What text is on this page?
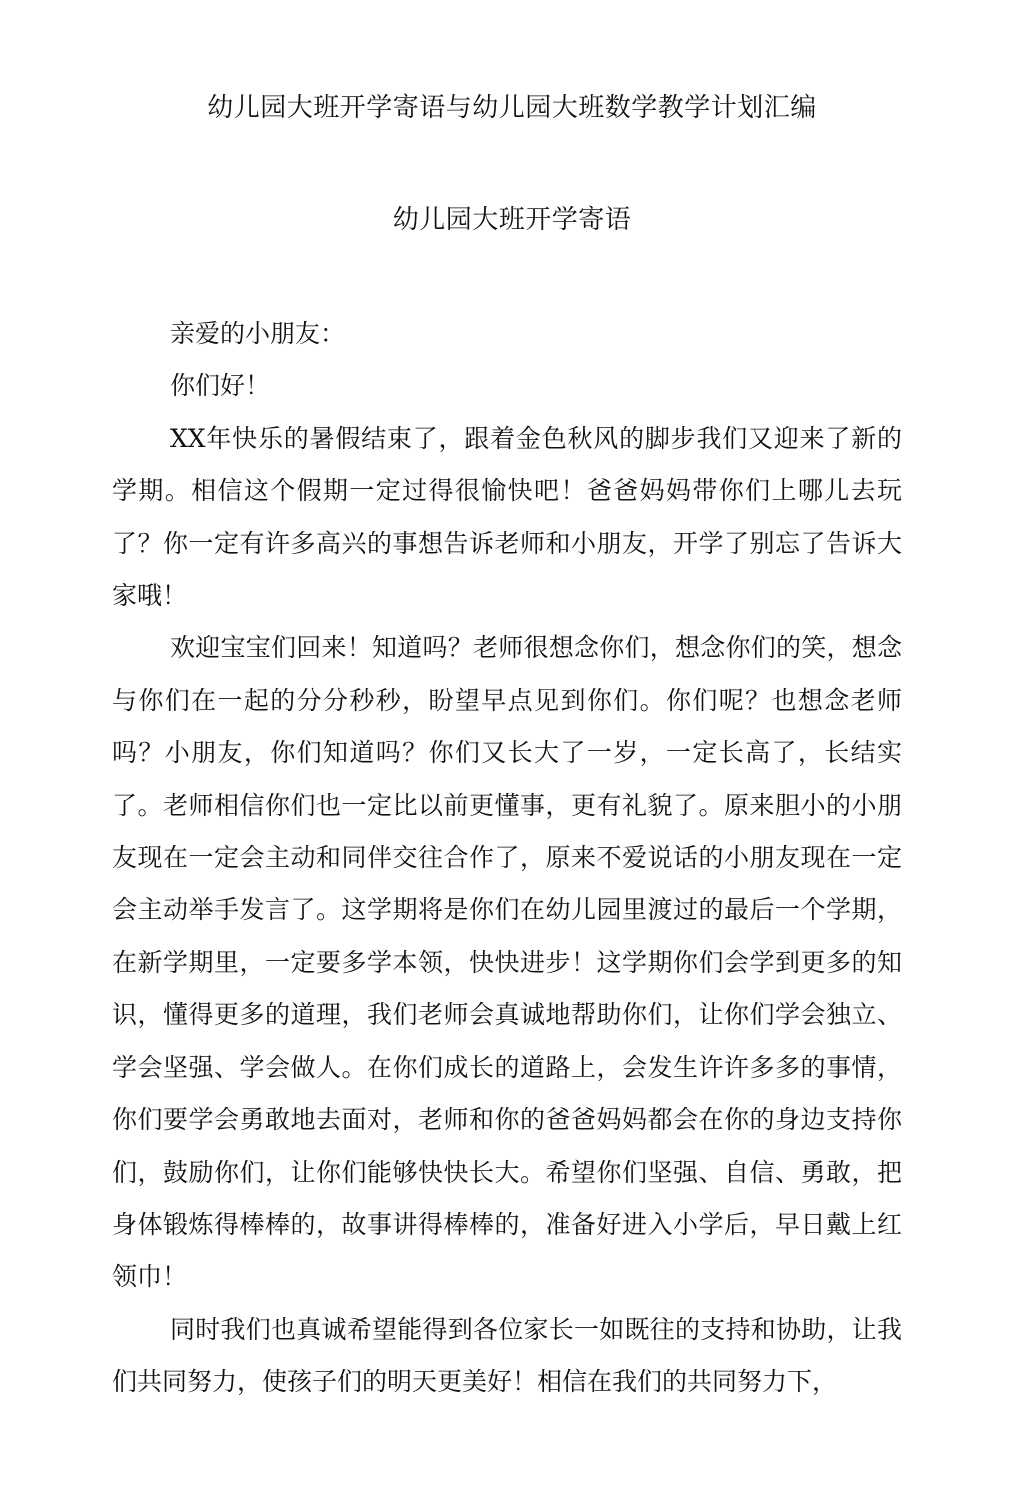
幼儿园大班开学寄语与幼儿园大班数学教学计划汇编
幼儿园大班开学寄语

亲爱的小朋友：

你们好！

XX年快乐的暑假结束了，跟着金色秋风的脚步我们又迎来了新的学期。相信这个假期一定过得很愉快吧！爸爸妈妈带你们上哪儿去玩了？你一定有许多高兴的事想告诉老师和小朋友，开学了别忘了告诉大家哦！

欢迎宝宝们回来！知道吗？老师很想念你们，想念你们的笑，想念与你们在一起的分分秒秒，盼望早点见到你们。你们呢？也想念老师吗？小朋友，你们知道吗？你们又长大了一岁，一定长高了，长结实了。老师相信你们也一定比以前更懂事，更有礼貌了。原来胆小的小朋友现在一定会主动和同伴交往合作了，原来不爱说话的小朋友现在一定会主动举手发言了。这学期将是你们在幼儿园里渡过的最后一个学期，在新学期里，一定要多学本领，快快进步！这学期你们会学到更多的知识，懂得更多的道理，我们老师会真诚地帮助你们，让你们学会独立、学会坚强、学会做人。在你们成长的道路上，会发生许许多多的事情，你们要学会勇敢地去面对，老师和你的爸爸妈妈都会在你的身边支持你们，鼓励你们，让你们能够快快长大。希望你们坚强、自信、勇敢，把身体锻炼得棒棒的，故事讲得棒棒的，准备好进入小学后，早日戴上红领巾！

同时我们也真诚希望能得到各位家长一如既往的支持和协助，让我们共同努力，使孩子们的明天更美好！相信在我们的共同努力下，
